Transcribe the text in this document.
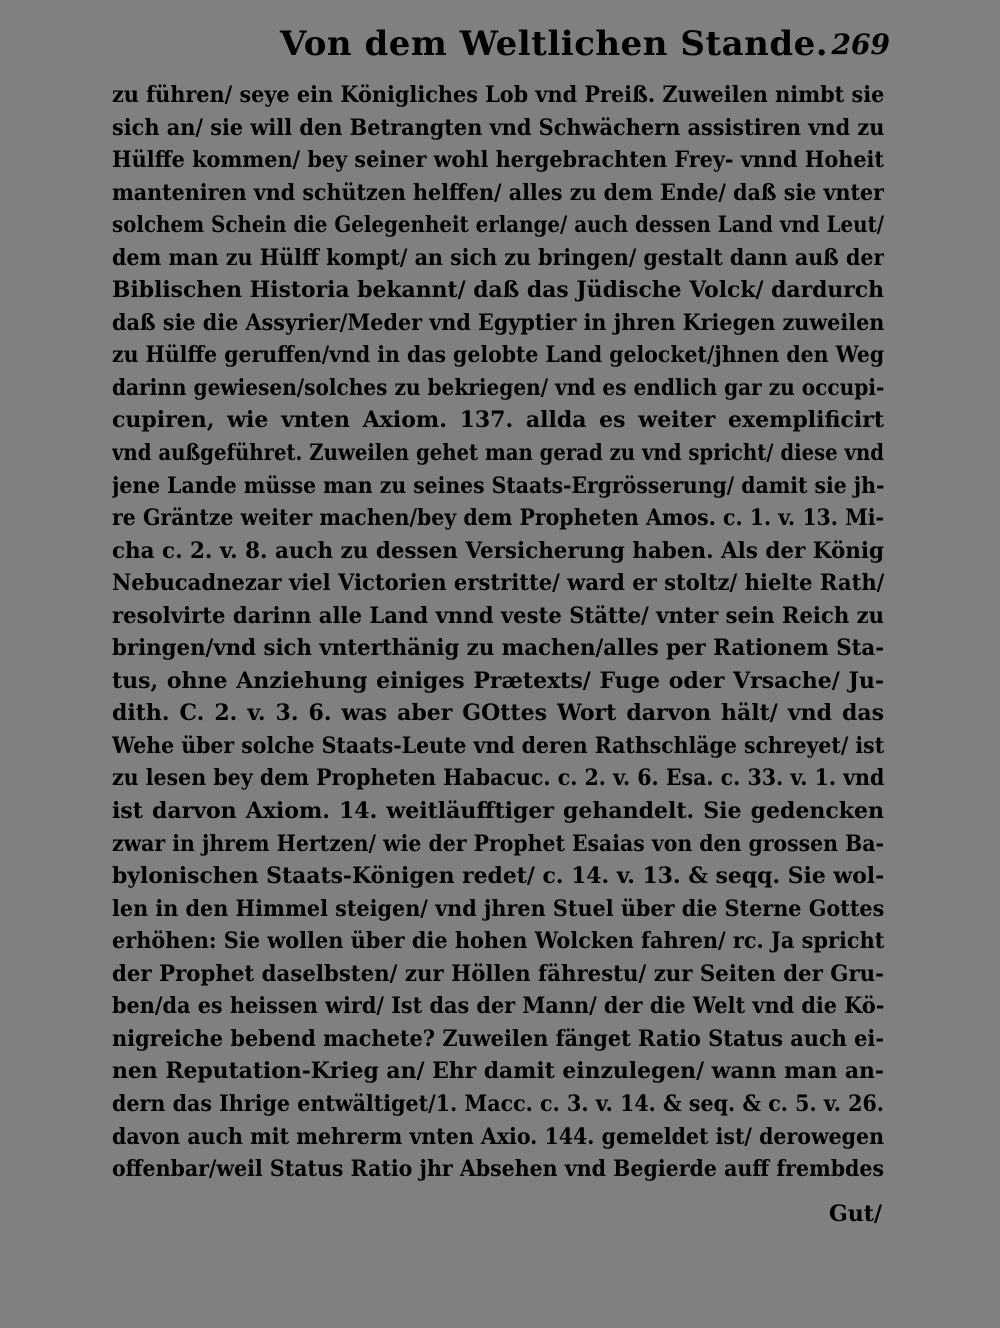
Von dem Weltlichen Stande. 269
zu führen/ seye ein Königliches Lob vnd Preiß. Zuweilen nimbt sie
sich an/ sie will den Betrangten vnd Schwächern assistiren vnd zu
Hülffe kommen/ bey seiner wohl hergebrachten Frey- vnnd Hoheit
manteniren vnd schützen helffen/ alles zu dem Ende/ daß sie vnter
solchem Schein die Gelegenheit erlange/ auch dessen Land vnd Leut/
dem man zu Hülff kompt/ an sich zu bringen/ gestalt dann auß der
Biblischen Historia bekannt/ daß das Jüdische Volck/ dardurch
daß sie die Assyrier/Meder vnd Egyptier in jhren Kriegen zuweilen
zu Hülffe geruffen/vnd in das gelobte Land gelocket/jhnen den Weg
darinn gewiesen/solches zu bekriegen/ vnd es endlich gar zu occupi-
cupiren, wie vnten Axiom. 137. allda es weiter exemplificirt
vnd außgeführet. Zuweilen gehet man gerad zu vnd spricht/ diese vnd
jene Lande müsse man zu seines Staats-Ergrösserung/ damit sie jh-
re Gräntze weiter machen/bey dem Propheten Amos. c. 1. v. 13. Mi-
cha c. 2. v. 8. auch zu dessen Versicherung haben. Als der König
Nebucadnezar viel Victorien erstritte/ ward er stoltz/ hielte Rath/
resolvirte darinn alle Land vnnd veste Stätte/ vnter sein Reich zu
bringen/vnd sich vnterthänig zu machen/alles per Rationem Sta-
tus, ohne Anziehung einiges Prætexts/ Fuge oder Vrsache/ Ju-
dith. C. 2. v. 3. 6. was aber GOttes Wort darvon hält/ vnd das
Wehe über solche Staats-Leute vnd deren Rathschläge schreyet/ ist
zu lesen bey dem Propheten Habacuc. c. 2. v. 6. Esa. c. 33. v. 1. vnd
ist darvon Axiom. 14. weitläufftiger gehandelt. Sie gedencken
zwar in jhrem Hertzen/ wie der Prophet Esaias von den grossen Ba-
bylonischen Staats-Königen redet/ c. 14. v. 13. & seqq. Sie wol-
len in den Himmel steigen/ vnd jhren Stuel über die Sterne Gottes
erhöhen: Sie wollen über die hohen Wolcken fahren/ rc. Ja spricht
der Prophet daselbsten/ zur Höllen fährestu/ zur Seiten der Gru-
ben/da es heissen wird/ Ist das der Mann/ der die Welt vnd die Kö-
nigreiche bebend machete? Zuweilen fänget Ratio Status auch ei-
nen Reputation-Krieg an/ Ehr damit einzulegen/ wann man an-
dern das Ihrige entwältiget/1. Macc. c. 3. v. 14. & seq. & c. 5. v. 26.
davon auch mit mehrerm vnten Axio. 144. gemeldet ist/ derowegen
offenbar/weil Status Ratio jhr Absehen vnd Begierde auff frembdes
Gut/
